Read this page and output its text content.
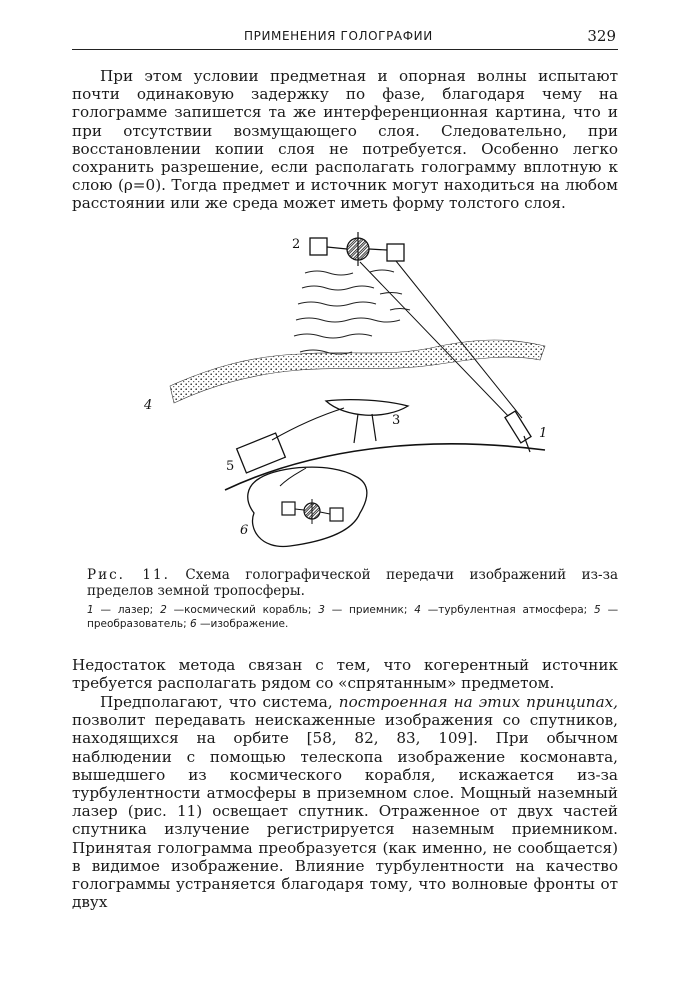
ПРИМЕНЕНИЯ ГОЛОГРАФИИ	329

При этом условии предметная и опорная волны испытают почти одинаковую задержку по фазе, благодаря чему на голограмме запишется та же интерференционная картина, что и при отсутствии возмущающего слоя. Следовательно, при восстановлении копии слоя не потребуется. Особенно легко сохранить разрешение, если располагать голограмму вплотную к слою (ρ=0). Тогда предмет и источник могут находиться на любом расстоянии или же среда может иметь форму толстого слоя.

2
4
3
1
5
6

Рис. 11. Схема голографической передачи изображений из-за пределов земной тропосферы.

1 — лазер; 2 —космический корабль; 3 — приемник; 4 —турбулентная атмосфера; 5 —преобразователь; 6 —изображение.

Недостаток метода связан с тем, что когерентный источник требуется располагать рядом со «спрятанным» предметом.

Предполагают, что система, построенная на этих принципах, позволит передавать неискаженные изображения со спутников, находящихся на орбите [58, 82, 83, 109]. При обычном наблюдении с помощью телескопа изображение космонавта, вышедшего из космического корабля, искажается из-за турбулентности атмосферы в приземном слое. Мощный наземный лазер (рис. 11) освещает спутник. Отраженное от двух частей спутника излучение регистрируется наземным приемником. Принятая голограмма преобразуется (как именно, не сообщается) в видимое изображение. Влияние турбулентности на качество голограммы устраняется благодаря тому, что волновые фронты от двух
